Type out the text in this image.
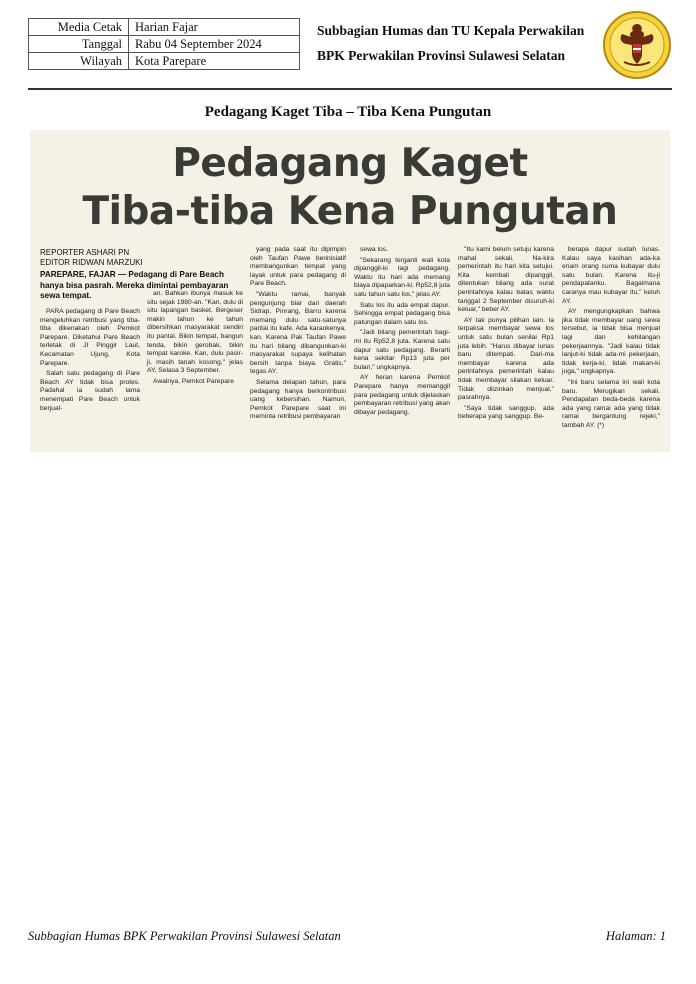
Media Cetak	Harian Fajar
Tanggal	Rabu 04 September 2024
Wilayah	Kota Parepare
Subbagian Humas dan TU Kepala Perwakilan
BPK Perwakilan Provinsi Sulawesi Selatan
Pedagang Kaget Tiba – Tiba Kena Pungutan
Pedagang Kaget
Tiba-tiba Kena Pungutan
REPORTER ASHARI PN
EDITOR RIDWAN MARZUKI
PAREPARE, FAJAR — Pedagang di Pare Beach hanya bisa pasrah. Mereka dimintai pembayaran sewa tempat.

PARA pedagang di Pare Beach mengeluhkan retribusi yang tiba-tiba dikenakan oleh Pemkot Parepare. Diketahui Pare Beach terletak di Jl Pinggir Laut, Kecamatan Ujung, Kota Parepare.

Salah satu pedagang di Pare Beach AY tidak bisa protes. Padahal ia sudah lama menempati Pare Beach untuk berjual-

an. Bahkan ibunya masuk ke situ sejak 1980-an. "Kan, dulu di situ lapangan basket. Bergeser makin tahun ke tahun dibersihkan masyarakat sendiri itu pantai. Bikin tempat, bangun tenda, bikin gerobak, bikin tempat karoke. Kan, dulu pasir-ji, masih tanah kosong," jelas AY, Selasa 3 September.

Awalnya, Pemkot Parepare

yang pada saat itu dipimpin oleh Taufan Pawe berinisiatif membangunkan tempat yang layak untuk para pedagang di Pare Beach.

"Waktu ramai, banyak pengunjung biar dari daerah Sidrap, Pinrang, Barru karena memang dulu satu-satunya pantai itu kafe. Ada karaokenya, kan. Karena Pak Taufan Pawe itu hari bilang dibangunkan-ki masyarakat supaya kelihatan bersih tanpa biaya. Gratis," tegas AY.

Selama delapan tahun, para pedagang hanya berkontribusi uang kebersihan. Namun, Pemkot Parepare saat ini meminta retribusi pembayaran

sewa los.

"Sekarang terganti wali kota dipanggil-ki lagi pedagang. Waktu itu hari ada memang biaya dipaparkan-ki. Rp52,8 juta satu tahun satu los," jelas AY.

Satu los itu ada empat dapur. Sehingga empat pedagang bisa patungan dalam satu los.

"Jadi bilang pemerintah bagi-mi itu Rp52,8 juta. Karena satu dapur satu pedagang. Berarti kena sekitar Rp13 juta per bulan," ungkapnya.

AY heran karena Pemkot Parepare hanya memanggil para pedagang untuk dijelaskan pembayaran retribusi yang akan dibayar pedagang.

"Itu kami belum setuju karena mahal sekali. Na-kira pemerintah itu hari kita setujui. Kita kembali dipanggil, ditentukan bilang ada surat perintahnya kalau batas waktu tanggal 2 September disuruh-ki keluar," beber AY.

AY tak punya pilihan lain. Ia terpaksa membayar sewa los untuk satu bulan senilai Rp1 juta lebih. "Harus dibayar lunas baru ditempati. Dari-ma membayar karena ada perintahnya pemerintah kalau tidak membayar silakan keluar. Tidak diizinkan menjual," pasrahnya.

"Saya tidak sanggup, ada beberapa yang sanggup. Be-

berapa dapur sudah lunas. Kalau saya kasihan ada-ka enam orang cuma kubayar dulu satu bulan. Karena itu-ji pendapatanku. Bagaimana caranya mau kubayar itu," keluh AY.

AY mengungkapkan bahwa jika tidak membayar uang sewa tersebut, ia tidak bisa menjual lagi dan kehilangan pekerjaannya. "Jadi kalau tidak lanjut-ki tidak ada-mi pekerjaan, tidak kerja-ki, tidak makan-ki juga," ungkapnya.

"Ini baru selama ini wali kota baru. Merugikan sekali. Pendapatan beda-beda karena ada yang ramai ada yang tidak ramai bergantung rejeki," tambah AY. (*)

Subbagian Humas BPK Perwakilan Provinsi Sulawesi Selatan	Halaman: 1
